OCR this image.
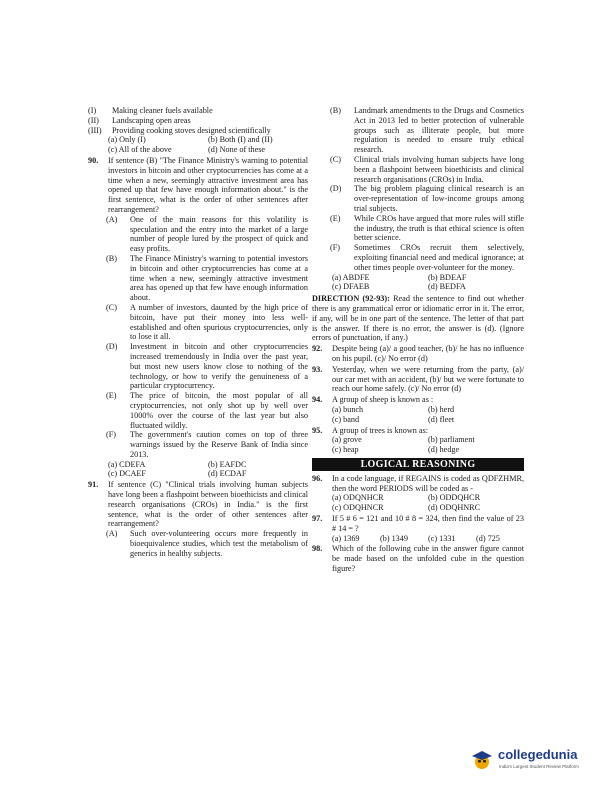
(I)	Making cleaner fuels available
(II)	Landscaping open areas
(III)	Providing cooking stoves designed scientifically
(a) Only (I)	(b) Both (I) and (II)
(c) All of the above	(d) None of these
90.	If sentence (B) "The Finance Ministry's warning to potential investors in bitcoin and other cryptocurrencies has come at a time when a new, seemingly attractive investment area has opened up that few have enough information about." is the first sentence, what is the order of other sentences after rearrangement?
(A)	One of the main reasons for this volatility is speculation and the entry into the market of a large number of people lured by the prospect of quick and easy profits.
(B)	The Finance Ministry's warning to potential investors in bitcoin and other cryptocurrencies has come at a time when a new, seemingly attractive investment area has opened up that few have enough information about.
(C)	A number of investors, daunted by the high price of bitcoin, have put their money into less well-established and often spurious cryptocurrencies, only to lose it all.
(D)	Investment in bitcoin and other cryptocurrencies increased tremendously in India over the past year, but most new users know close to nothing of the technology, or how to verify the genuineness of a particular cryptocurrency.
(E)	The price of bitcoin, the most popular of all cryptocurrencies, not only shot up by well over 1000% over the course of the last year but also fluctuated wildly.
(F)	The government's caution comes on top of three warnings issued by the Reserve Bank of India since 2013.
(a) CDEFA	(b) EAFDC
(c) DCAEF	(d) ECDAF
91.	If sentence (C) "Clinical trials involving human subjects have long been a flashpoint between bioethicists and clinical research organisations (CROs) in India." is the first sentence, what is the order of other sentences after rearrangement?
(A)	Such over-volunteering occurs more frequently in bioequivalence studies, which test the metabolism of generics in healthy subjects.
(B)	Landmark amendments to the Drugs and Cosmetics Act in 2013 led to better protection of vulnerable groups such as illiterate people, but more regulation is needed to ensure truly ethical research.
(C)	Clinical trials involving human subjects have long been a flashpoint between bioethicists and clinical research organisations (CROs) in India.
(D)	The big problem plaguing clinical research is an over-representation of low-income groups among trial subjects.
(E)	While CROs have argued that more rules will stifle the industry, the truth is that ethical science is often better science.
(F)	Sometimes CROs recruit them selectively, exploiting financial need and medical ignorance; at other times people over-volunteer for the money.
(a) ABDFE	(b) BDEAF
(c) DFAEB	(d) BEDFA
DIRECTION (92-93): Read the sentence to find out whether there is any grammatical error or idiomatic error in it. The error, if any, will be in one part of the sentence. The letter of that part is the answer. If there is no error, the answer is (d). (Ignore errors of punctuation, if any.)
92.	Despite being (a)/ a good teacher, (b)/ he has no influence on his pupil. (c)/ No error (d)
93.	Yesterday, when we were returning from the party, (a)/ our car met with an accident, (b)/ but we were fortunate to reach our home safely. (c)/ No error (d)
94.	A group of sheep is known as :
(a) bunch	(b) herd
(c) band	(d) fleet
95.	A group of trees is known as:
(a) grove	(b) parliament
(c) heap	(d) hedge
LOGICAL REASONING
96.	In a code language, if REGAINS is coded as QDFZHMR, then the word PERIODS will be coded as -
(a) ODQNHCR	(b) ODDQHCR
(c) ODQHNCR	(d) ODQHNRC
97.	If 5 # 6 = 121 and 10 # 8 = 324, then find the value of 23 # 14 = ?
(a) 1369	(b) 1349	(c) 1331	(d) 725
98.	Which of the following cube in the answer figure cannot be made based on the unfolded cube in the question figure?
collegedunia
India's Largest Student Review Platform
